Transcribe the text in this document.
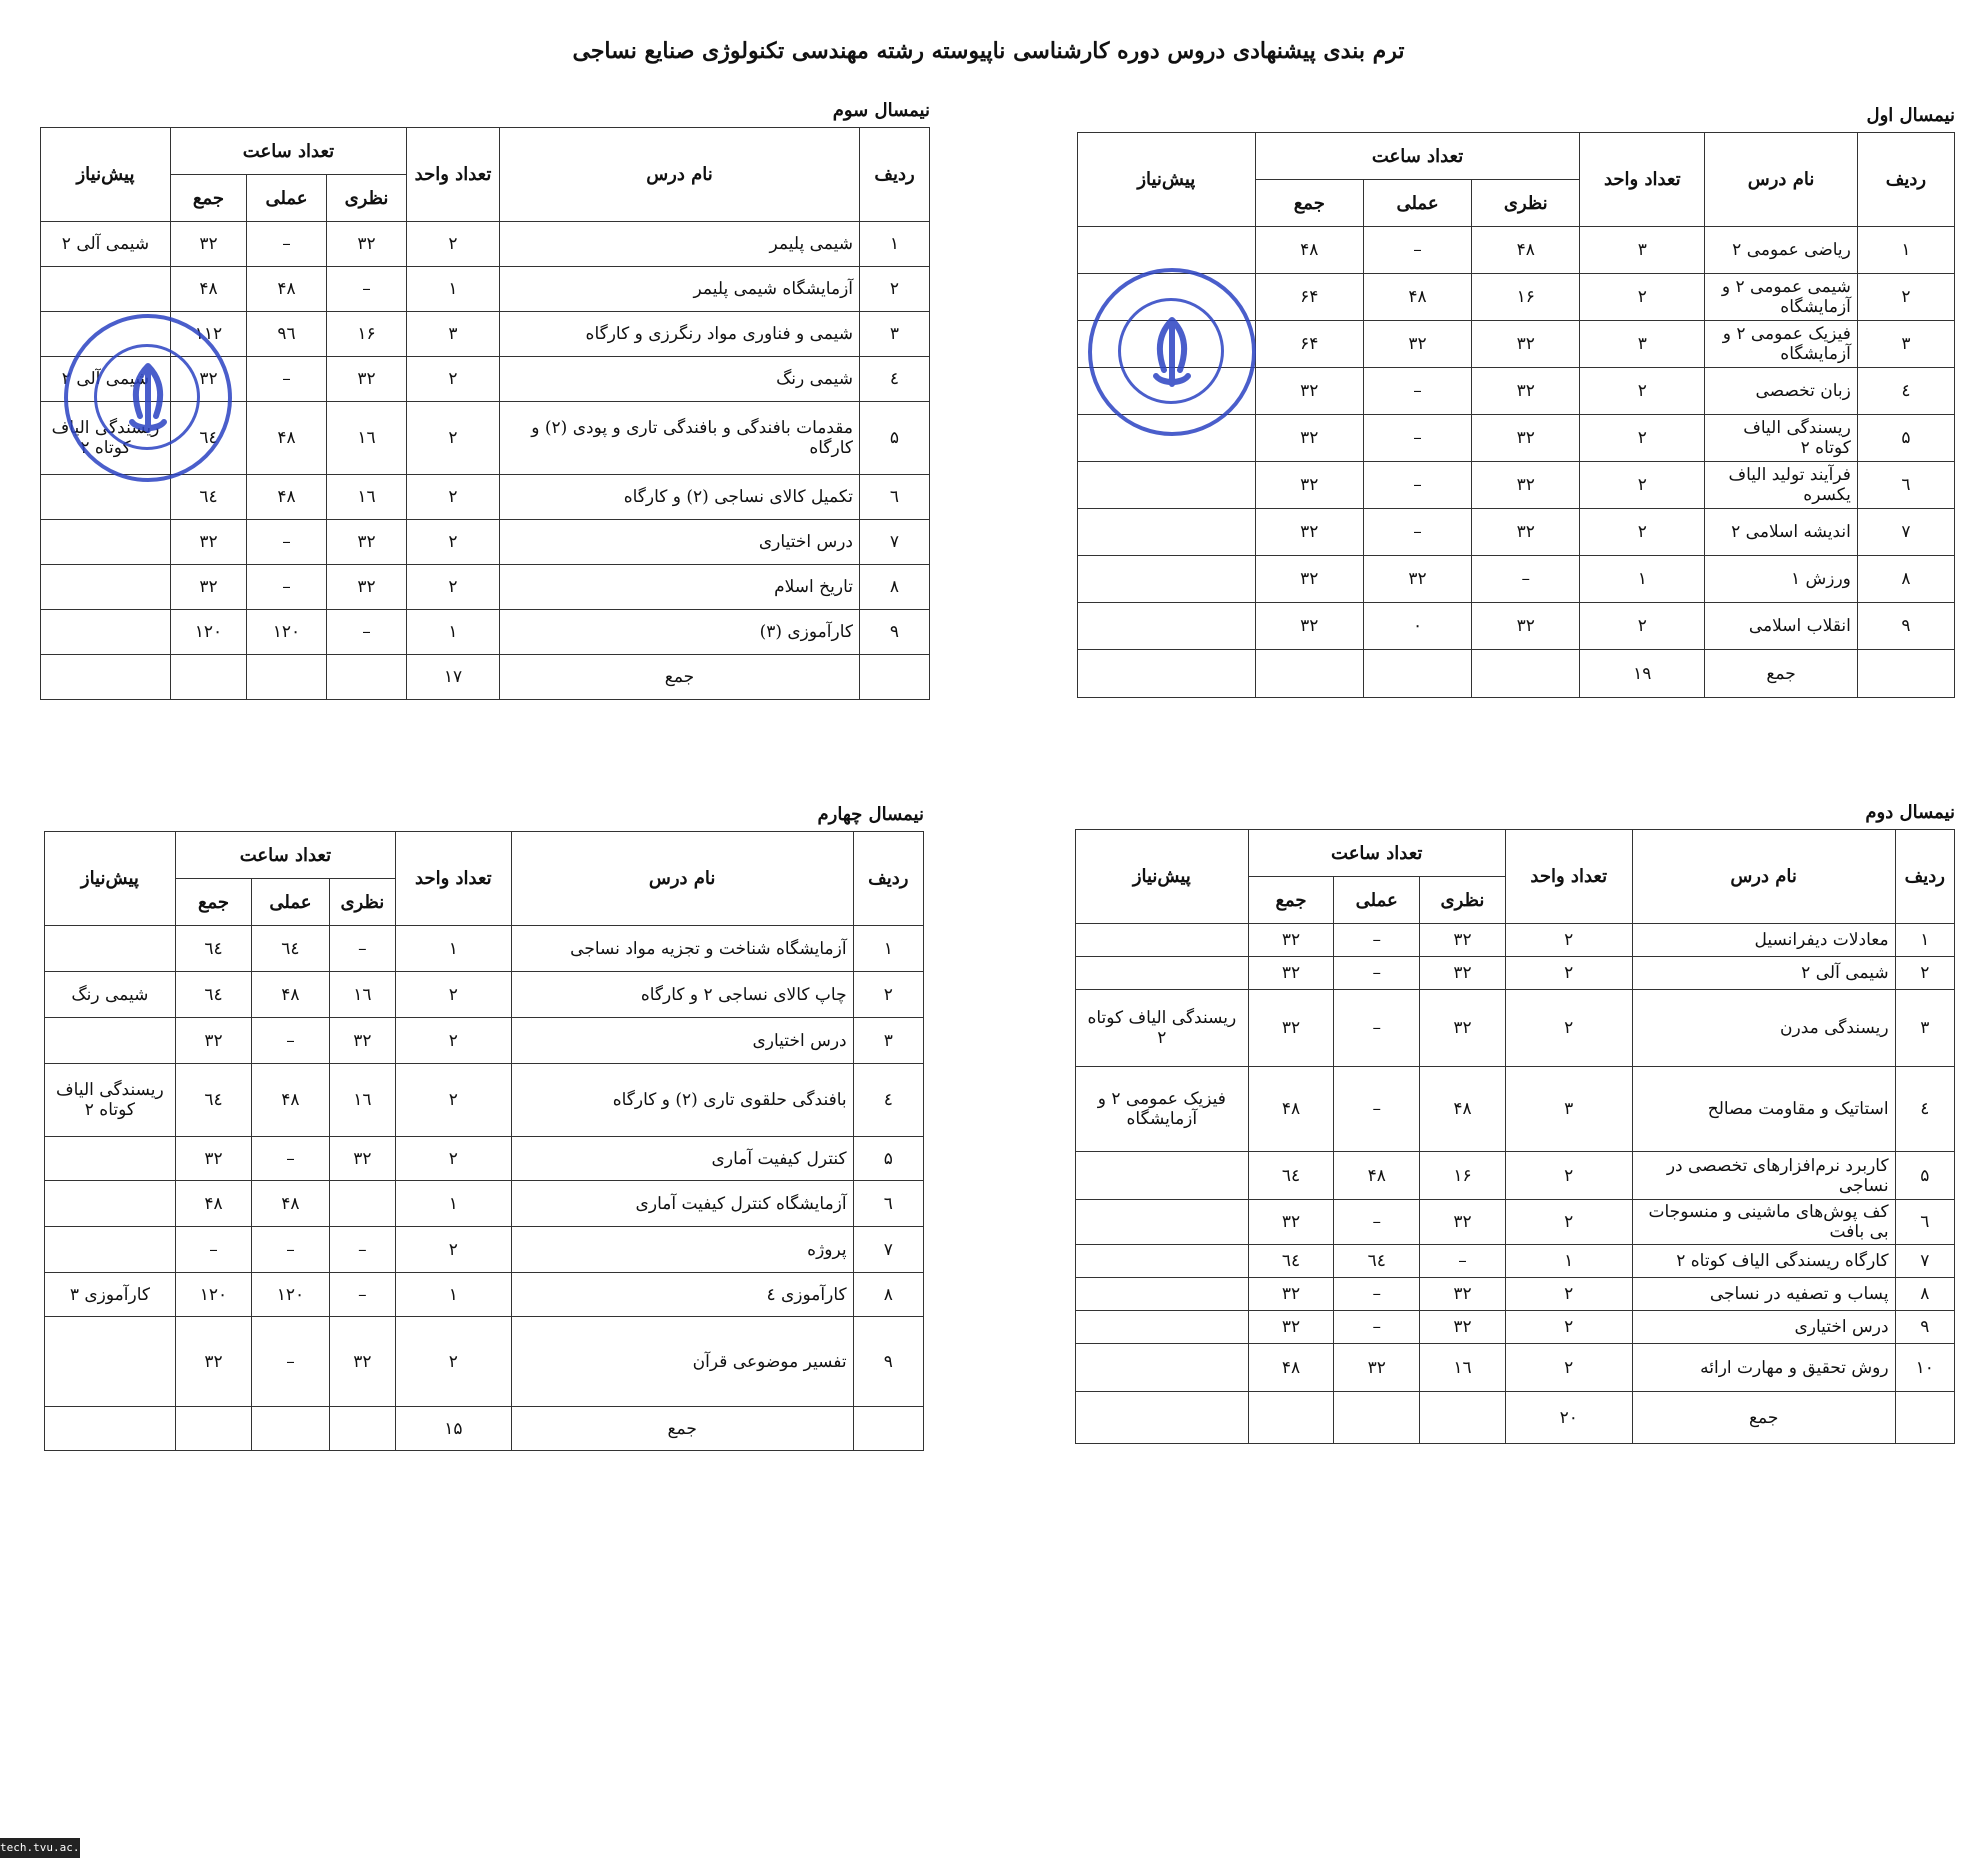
ترم بندی پیشنهادی دروس دوره کارشناسی ناپیوسته رشته مهندسی تکنولوژی صنایع نساجی
نیمسال اول
ردیف	نام درس	تعداد واحد	تعداد ساعت			پیش‌نیاز
			نظری	عملی	جمع	
۱	ریاضی عمومی ۲	۳	۴۸	–	۴۸	
۲	شیمی عمومی ۲ و آزمایشگاه	۲	۱۶	۴۸	۶۴	
۳	فیزیک عمومی ۲ و آزمایشگاه	۳	۳۲	۳۲	۶۴	
٤	زبان تخصصی	۲	۳۲	–	۳۲	
۵	ریسندگی الیاف کوتاه ۲	۲	۳۲	–	۳۲	
٦	فرآیند تولید الیاف یکسره	۲	۳۲	–	۳۲	
۷	اندیشه اسلامی ۲	۲	۳۲	–	۳۲	
۸	ورزش ۱	۱	–	۳۲	۳۲	
۹	انقلاب اسلامی	۲	۳۲	۰	۳۲	
	جمع	۱۹				
نیمسال سوم
ردیف	نام درس	تعداد واحد	تعداد ساعت			پیش‌نیاز
			نظری	عملی	جمع	
۱	شیمی پلیمر	۲	۳۲	–	۳۲	شیمی آلی ۲
۲	آزمایشگاه شیمی پلیمر	۱	–	۴۸	۴۸	
۳	شیمی و فناوری مواد رنگرزی و کارگاه	۳	۱۶	۹٦	۱۱۲	
٤	شیمی رنگ	۲	۳۲	–	۳۲	شیمی آلی ۲
۵	مقدمات بافندگی و بافندگی تاری و پودی (۲) و کارگاه	۲	۱٦	۴۸	٦٤	ریسندگی الیاف کوتاه ۲
٦	تکمیل کالای نساجی (۲) و کارگاه	۲	۱٦	۴۸	٦٤	
۷	درس اختیاری	۲	۳۲	–	۳۲	
۸	تاریخ اسلام	۲	۳۲	–	۳۲	
۹	کارآموزی (۳)	۱	–	۱۲۰	۱۲۰	
	جمع	۱۷				
نیمسال دوم
ردیف	نام درس	تعداد واحد	تعداد ساعت			پیش‌نیاز
			نظری	عملی	جمع	
۱	معادلات دیفرانسیل	۲	۳۲	–	۳۲	
۲	شیمی آلی ۲	۲	۳۲	–	۳۲	
۳	ریسندگی مدرن	۲	۳۲	–	۳۲	ریسندگی الیاف کوتاه ۲
٤	استاتیک و مقاومت مصالح	۳	۴۸	–	۴۸	فیزیک عمومی ۲ و آزمایشگاه
۵	کاربرد نرم‌افزارهای تخصصی در نساجی	۲	۱۶	۴۸	٦٤	
٦	کف پوش‌های ماشینی و منسوجات بی بافت	۲	۳۲	–	۳۲	
۷	کارگاه ریسندگی الیاف کوتاه ۲	۱	–	٦٤	٦٤	
۸	پساب و تصفیه در نساجی	۲	۳۲	–	۳۲	
۹	درس اختیاری	۲	۳۲	–	۳۲	
۱۰	روش تحقیق و مهارت ارائه	۲	۱٦	۳۲	۴۸	
	جمع	۲۰				
نیمسال چهارم
ردیف	نام درس	تعداد واحد	تعداد ساعت			پیش‌نیاز
			نظری	عملی	جمع	
۱	آزمایشگاه شناخت و تجزیه مواد نساجی	۱	–	٦٤	٦٤	
۲	چاپ کالای نساجی ۲ و کارگاه	۲	۱٦	۴۸	٦٤	شیمی رنگ
۳	درس اختیاری	۲	۳۲	–	۳۲	
٤	بافندگی حلقوی تاری (۲) و کارگاه	۲	۱٦	۴۸	٦٤	ریسندگی الیاف کوتاه ۲
۵	کنترل کیفیت آماری	۲	۳۲	–	۳۲	
٦	آزمایشگاه کنترل کیفیت آماری	۱		۴۸	۴۸	
۷	پروژه	۲	–	–	–	
۸	کارآموزی ٤	۱	–	۱۲۰	۱۲۰	کارآموزی ۳
۹	تفسیر موضوعی قرآن	۲	۳۲	–	۳۲	
	جمع	۱۵				
tech.tvu.ac.ir
